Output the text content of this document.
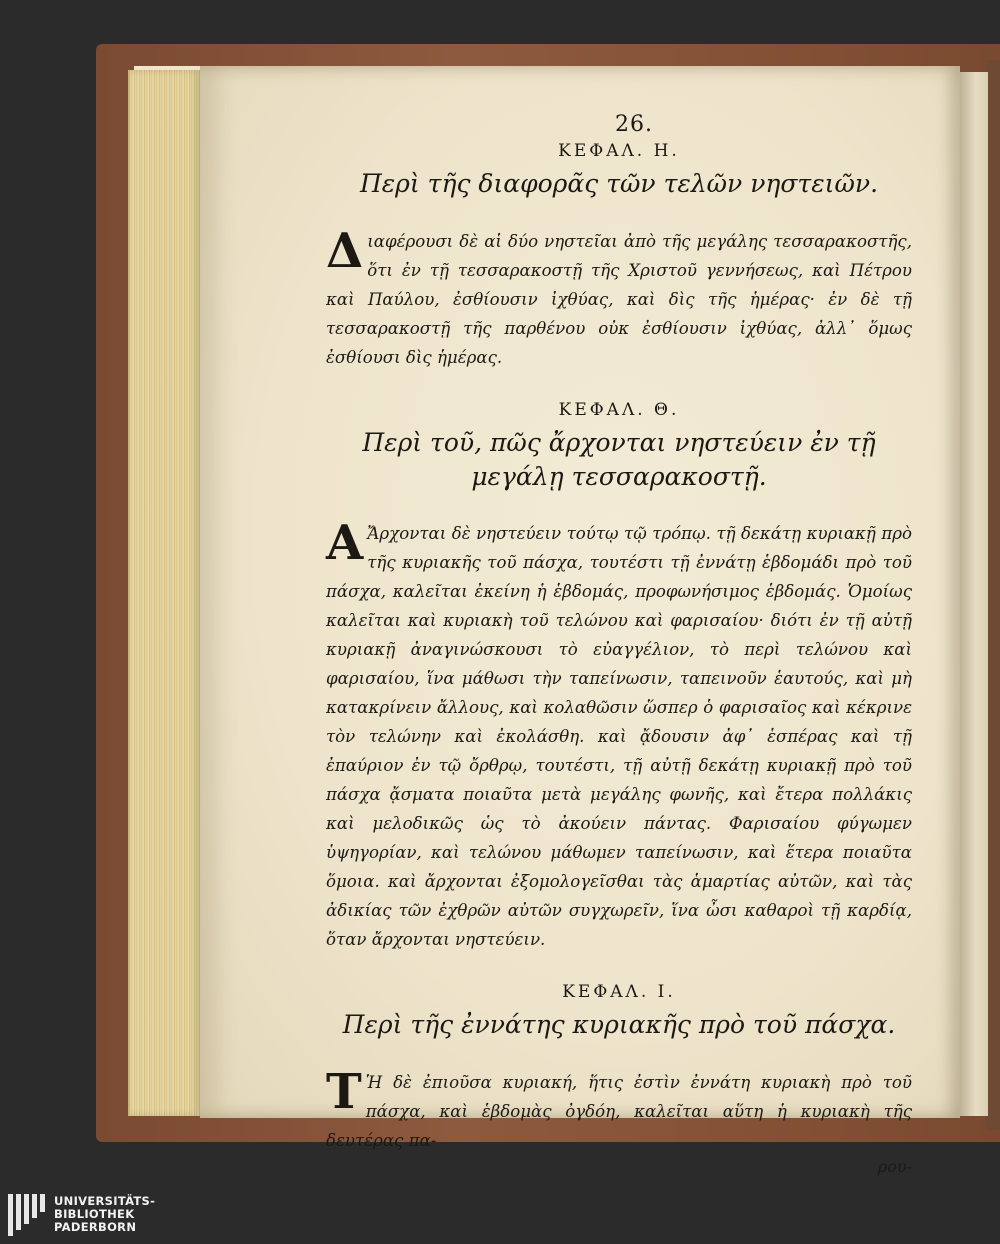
26.
ΚΕΦΑΛ. Η.
Περὶ τῆς διαφορᾶς τῶν τελῶν νηστειῶν.

Δ ιαφέρουσι δὲ αἱ δύο νηστεῖαι ἀπὸ τῆς μεγάλης τεσσαρακοστῆς, ὅτι ἐν τῇ τεσσαρακοστῇ τῆς Χριστοῦ γεννήσεως, καὶ Πέτρου καὶ Παύλου, ἐσθίουσιν ἰχθύας, καὶ δὶς τῆς ἡμέρας· ἐν δὲ τῇ τεσσαρακοστῇ τῆς παρθένου οὐκ ἐσθίουσιν ἰχθύας, ἀλλ᾽ ὅμως ἐσθίουσι δὶς ἡμέρας.

ΚΕΦΑΛ. Θ.
Περὶ τοῦ, πῶς ἄρχονται νηστεύειν ἐν τῇ μεγάλῃ τεσσαρακοστῇ.

Α Ἄρχονται δὲ νηστεύειν τούτῳ τῷ τρόπῳ. τῇ δεκάτῃ κυριακῇ πρὸ τῆς κυριακῆς τοῦ πάσχα, τουτέστι τῇ ἐννάτῃ ἑβδομάδι πρὸ τοῦ πάσχα, καλεῖται ἐκείνη ἡ ἑβδομάς, προφωνήσιμος ἑβδομάς. Ὁμοίως καλεῖται καὶ κυριακὴ τοῦ τελώνου καὶ φαρισαίου· διότι ἐν τῇ αὐτῇ κυριακῇ ἀναγινώσκουσι τὸ εὐαγγέλιον, τὸ περὶ τελώνου καὶ φαρισαίου, ἵνα μάθωσι τὴν ταπείνωσιν, ταπεινοῦν ἑαυτούς, καὶ μὴ κατακρίνειν ἄλλους, καὶ κολαθῶσιν ὥσπερ ὁ φαρισαῖος καὶ κέκρινε τὸν τελώνην καὶ ἐκολάσθη. καὶ ᾄδουσιν ἀφ᾽ ἑσπέρας καὶ τῇ ἐπαύριον ἐν τῷ ὄρθρῳ, τουτέστι, τῇ αὐτῇ δεκάτῃ κυριακῇ πρὸ τοῦ πάσχα ᾄσματα ποιαῦτα μετὰ μεγάλης φωνῆς, καὶ ἔτερα πολλάκις καὶ μελοδικῶς ὡς τὸ ἀκούειν πάντας. Φαρισαίου φύγωμεν ὑψηγορίαν, καὶ τελώνου μάθωμεν ταπείνωσιν, καὶ ἕτερα ποιαῦτα ὅμοια. καὶ ἄρχονται ἐξομολογεῖσθαι τὰς ἁμαρτίας αὐτῶν, καὶ τὰς ἀδικίας τῶν ἐχθρῶν αὐτῶν συγχωρεῖν, ἵνα ὦσι καθαροὶ τῇ καρδίᾳ, ὅταν ἄρχονται νηστεύειν.

ΚΕΦΑΛ. Ι.
Περὶ τῆς ἐννάτης κυριακῆς πρὸ τοῦ πάσχα.

Τ Ἡ δὲ ἐπιοῦσα κυριακή, ἥτις ἐστὶν ἐννάτη κυριακὴ πρὸ τοῦ πάσχα, καὶ ἑβδομὰς ὀγδόη, καλεῖται αὕτη ἡ κυριακὴ τῆς δευτέρας πα-

ρου-
UNIVERSITÄTS-
BIBLIOTHEK
PADERBORN
